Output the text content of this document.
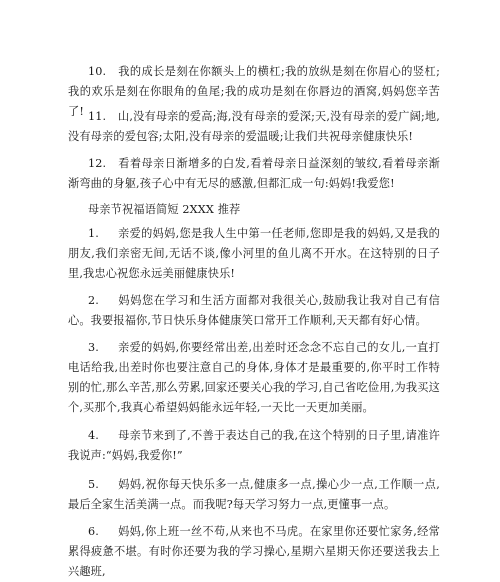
10. 我的成长是刻在你额头上的横杠;我的放纵是刻在你眉心的竖杠;我的欢乐是刻在你眼角的鱼尾;我的成功是刻在你唇边的酒窝,妈妈您辛苦了! 11. 山,没有母亲的爱高;海,没有母亲的爱深;天,没有母亲的爱广阔;地,没有母亲的爱包容;太阳,没有母亲的爱温暖;让我们共祝母亲健康快乐!
12. 看着母亲日渐增多的白发,看着母亲日益深刻的皱纹,看着母亲渐渐弯曲的身躯,孩子心中有无尽的感激,但都汇成一句:妈妈!我爱您!
母亲节祝福语简短 2XXX 推荐
1. 亲爱的妈妈,您是我人生中第一任老师,您即是我的妈妈,又是我的朋友,我们亲密无间,无话不谈,像小河里的鱼儿离不开水。在这特别的日子里,我忠心祝您永远美丽健康快乐!
2. 妈妈您在学习和生活方面都对我很关心,鼓励我让我对自己有信心。我要报福你,节日快乐身体健康笑口常开工作顺利,天天都有好心情。
3. 亲爱的妈妈,你要经常出差,出差时还念念不忘自己的女儿,一直打电话给我,出差时你也要注意自己的身体,身体才是最重要的,你平时工作特别的忙,那么辛苦,那么劳累,回家还要关心我的学习,自己省吃俭用,为我买这个,买那个,我真心希望妈妈能永远年轻,一天比一天更加美丽。
4. 母亲节来到了,不善于表达自己的我,在这个特别的日子里,请准许我说声:“妈妈,我爱你!”
5. 妈妈,祝你每天快乐多一点,健康多一点,操心少一点,工作顺一点,最后全家生活美满一点。而我呢?每天学习努力一点,更懂事一点。
6. 妈妈,你上班一丝不苟,从来也不马虎。在家里你还要忙家务,经常累得疲惫不堪。有时你还要为我的学习操心,星期六星期天你还要送我去上兴趣班,
